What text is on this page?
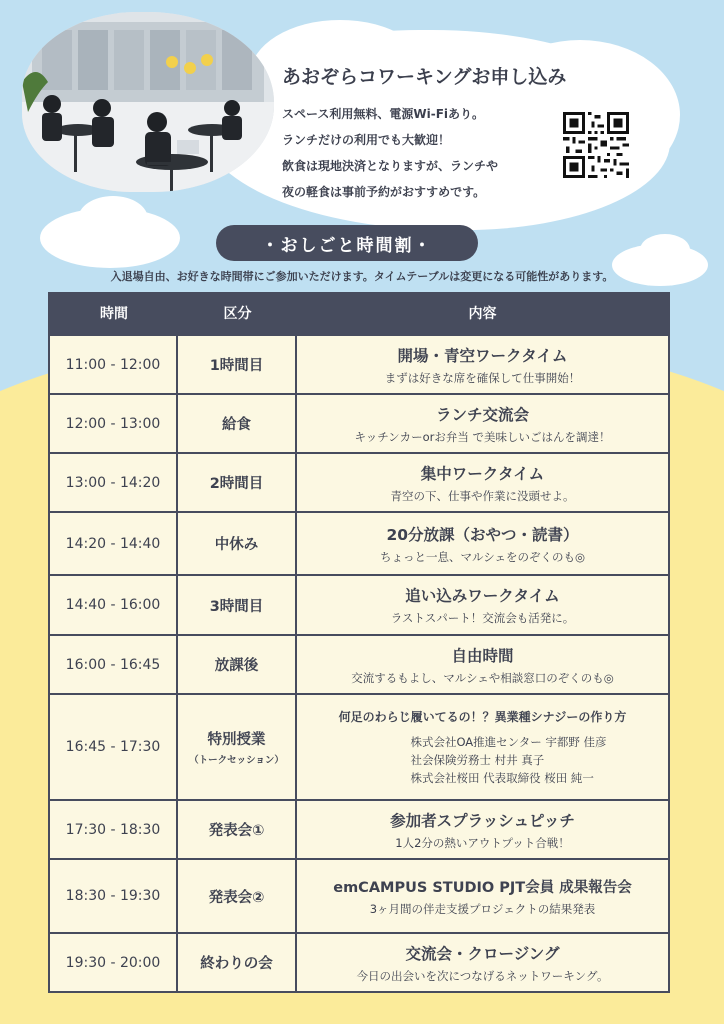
あおぞらコワーキングお申し込み
スペース利用無料、電源Wi-Fiあり。
ランチだけの利用でも大歓迎！
飲食は現地決済となりますが、ランチや
夜の軽食は事前予約がおすすめです。
・おしごと時間割・
入退場自由、お好きな時間帯にご参加いただけます。タイムテーブルは変更になる可能性があります。
時間	区分	内容
11:00 - 12:00	1時間目
開場・青空ワークタイム
まずは好きな席を確保して仕事開始！
12:00 - 13:00	給食
ランチ交流会
キッチンカーorお弁当 で美味しいごはんを調達！
13:00 - 14:20	2時間目
集中ワークタイム
青空の下、仕事や作業に没頭せよ。
14:20 - 14:40	中休み
20分放課（おやつ・読書）
ちょっと一息、マルシェをのぞくのも◎
14:40 - 16:00	3時間目
追い込みワークタイム
ラストスパート！交流会も活発に。
16:00 - 16:45	放課後
自由時間
交流するもよし、マルシェや相談窓口のぞくのも◎
16:45 - 17:30	特別授業
（トークセッション）
何足のわらじ履いてるの！？異業種シナジーの作り方
株式会社OA推進センター 宇都野 佳彦
社会保険労務士 村井 真子
株式会社桜田 代表取締役 桜田 純一
17:30 - 18:30	発表会①
参加者スプラッシュピッチ
1人2分の熱いアウトプット合戦！
18:30 - 19:30	発表会②
emCAMPUS STUDIO PJT会員 成果報告会
3ヶ月間の伴走支援プロジェクトの結果発表
19:30 - 20:00	終わりの会
交流会・クロージング
今日の出会いを次につなげるネットワーキング。
